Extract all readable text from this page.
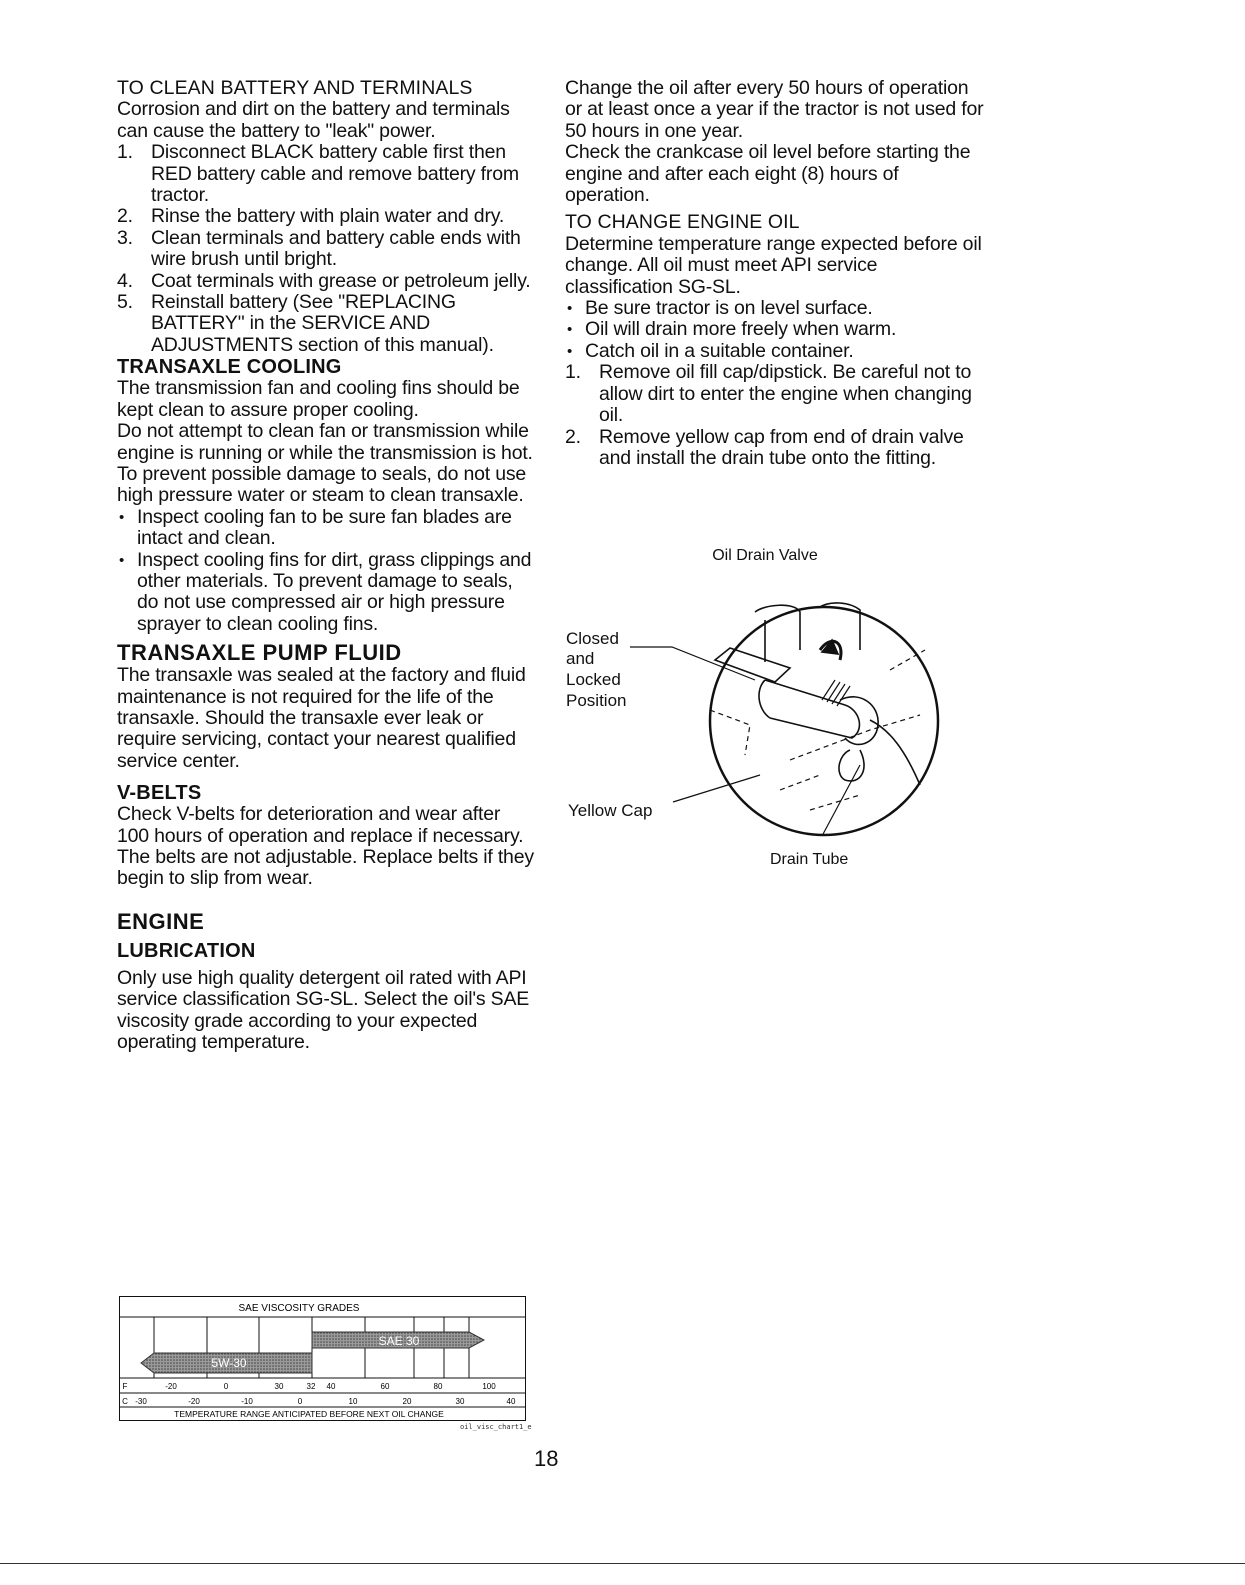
TO CLEAN BATTERY AND TERMINALS

Corrosion and dirt on the battery and terminals can cause the battery to "leak" power.

1. Disconnect BLACK battery cable first then RED battery cable and remove battery from tractor.
2. Rinse the battery with plain water and dry.
3. Clean terminals and battery cable ends with wire brush until bright.
4. Coat terminals with grease or petroleum jelly.
5. Reinstall battery (See "REPLACING BATTERY" in the SERVICE AND ADJUSTMENTS section of this manual).

TRANSAXLE COOLING

The transmission fan and cooling fins should be kept clean to assure proper cooling.

Do not attempt to clean fan or transmission while engine is running or while the transmission is hot. To prevent possible damage to seals, do not use high pressure water or steam to clean transaxle.

• Inspect cooling fan to be sure fan blades are intact and clean.
• Inspect cooling fins for dirt, grass clippings and other materials. To prevent damage to seals, do not use compressed air or high pressure sprayer to clean cooling fins.

TRANSAXLE PUMP FLUID

The transaxle was sealed at the factory and fluid maintenance is not required for the life of the transaxle. Should the transaxle ever leak or require servicing, contact your nearest qualified service center.

V-BELTS

Check V-belts for deterioration and wear after 100 hours of operation and replace if necessary. The belts are not adjustable. Replace belts if they begin to slip from wear.

ENGINE

LUBRICATION

Only use high quality detergent oil rated with API service classification SG-SL. Select the oil's SAE viscosity grade according to your expected operating temperature.

SAE VISCOSITY GRADES
SAE 30
5W-30
F	-20	0	30	32 40	60	80	100
C -30	-20	-10	0	10	20	30	40
TEMPERATURE RANGE ANTICIPATED BEFORE NEXT OIL CHANGE
oil_visc_chart1_e

Change the oil after every 50 hours of operation or at least once a year if the tractor is not used for 50 hours in one year.

Check the crankcase oil level before starting the engine and after each eight (8) hours of operation.

TO CHANGE ENGINE OIL

Determine temperature range expected before oil change. All oil must meet API service classification SG-SL.

• Be sure tractor is on level surface.
• Oil will drain more freely when warm.
• Catch oil in a suitable container.
1. Remove oil fill cap/dipstick. Be careful not to allow dirt to enter the engine when changing oil.
2. Remove yellow cap from end of drain valve and install the drain tube onto the fitting.
Oil Drain Valve
Closed
and
Locked
Position
Yellow Cap
Drain Tube
18
